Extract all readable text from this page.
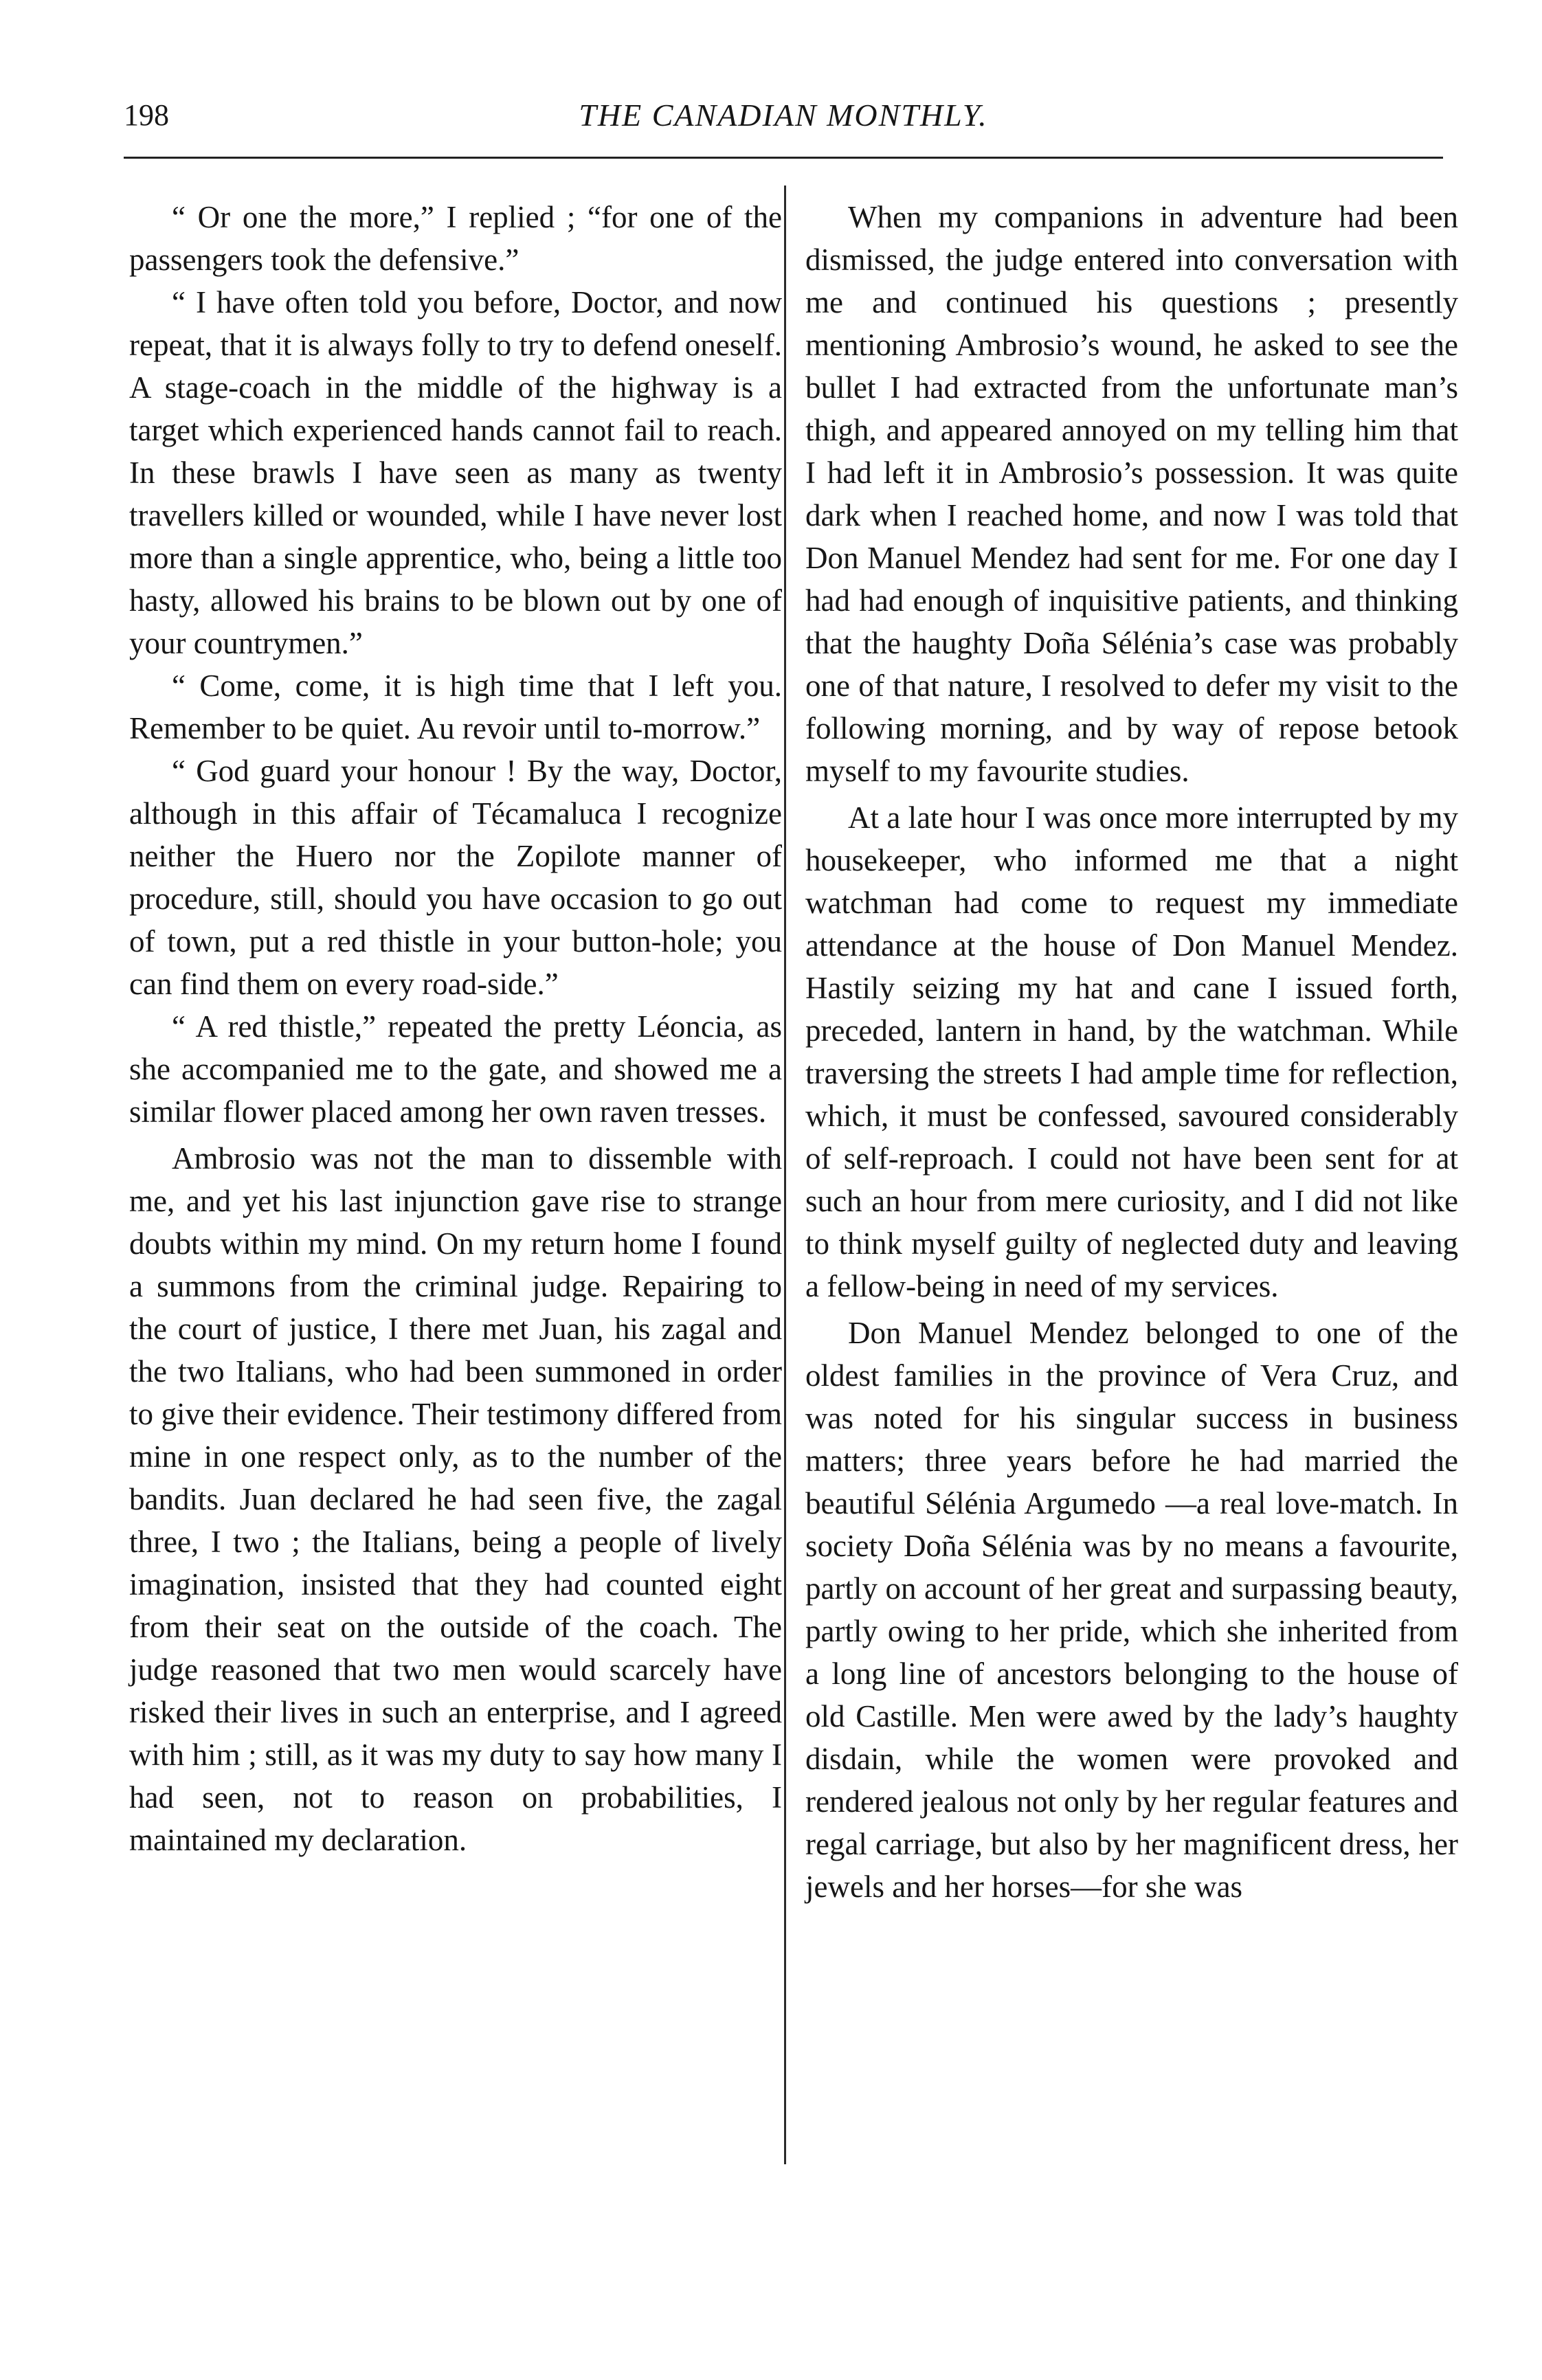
198	THE CANADIAN MONTHLY.

“ Or one the more,” I replied ; “for one of the passengers took the defensive.”

“ I have often told you before, Doctor, and now repeat, that it is always folly to try to defend oneself. A stage-coach in the middle of the highway is a target which experienced hands cannot fail to reach. In these brawls I have seen as many as twenty travellers killed or wounded, while I have never lost more than a single apprentice, who, being a little too hasty, allowed his brains to be blown out by one of your countrymen.”

“ Come, come, it is high time that I left you. Remember to be quiet. Au revoir until to-morrow.”

“ God guard your honour ! By the way, Doctor, although in this affair of Técamaluca I recognize neither the Huero nor the Zopilote manner of procedure, still, should you have occasion to go out of town, put a red thistle in your button-hole; you can find them on every road-side.”

“ A red thistle,” repeated the pretty Léoncia, as she accompanied me to the gate, and showed me a similar flower placed among her own raven tresses.

Ambrosio was not the man to dissemble with me, and yet his last injunction gave rise to strange doubts within my mind. On my return home I found a summons from the criminal judge. Repairing to the court of justice, I there met Juan, his zagal and the two Italians, who had been summoned in order to give their evidence. Their testimony differed from mine in one respect only, as to the number of the bandits. Juan declared he had seen five, the zagal three, I two ; the Italians, being a people of lively imagination, insisted that they had counted eight from their seat on the outside of the coach. The judge reasoned that two men would scarcely have risked their lives in such an enterprise, and I agreed with him ; still, as it was my duty to say how many I had seen, not to reason on probabilities, I maintained my declaration.

When my companions in adventure had been dismissed, the judge entered into conversation with me and continued his questions ; presently mentioning Ambrosio’s wound, he asked to see the bullet I had extracted from the unfortunate man’s thigh, and appeared annoyed on my telling him that I had left it in Ambrosio’s possession. It was quite dark when I reached home, and now I was told that Don Manuel Mendez had sent for me. For one day I had had enough of inquisitive patients, and thinking that the haughty Doña Sélénia’s case was probably one of that nature, I resolved to defer my visit to the following morning, and by way of repose betook myself to my favourite studies.

At a late hour I was once more interrupted by my housekeeper, who informed me that a night watchman had come to request my immediate attendance at the house of Don Manuel Mendez. Hastily seizing my hat and cane I issued forth, preceded, lantern in hand, by the watchman. While traversing the streets I had ample time for reflection, which, it must be confessed, savoured considerably of self-reproach. I could not have been sent for at such an hour from mere curiosity, and I did not like to think myself guilty of neglected duty and leaving a fellow-being in need of my services.

Don Manuel Mendez belonged to one of the oldest families in the province of Vera Cruz, and was noted for his singular success in business matters; three years before he had married the beautiful Sélénia Argumedo —a real love-match. In society Doña Sélénia was by no means a favourite, partly on account of her great and surpassing beauty, partly owing to her pride, which she inherited from a long line of ancestors belonging to the house of old Castille. Men were awed by the lady’s haughty disdain, while the women were provoked and rendered jealous not only by her regular features and regal carriage, but also by her magnificent dress, her jewels and her horses—for she was
